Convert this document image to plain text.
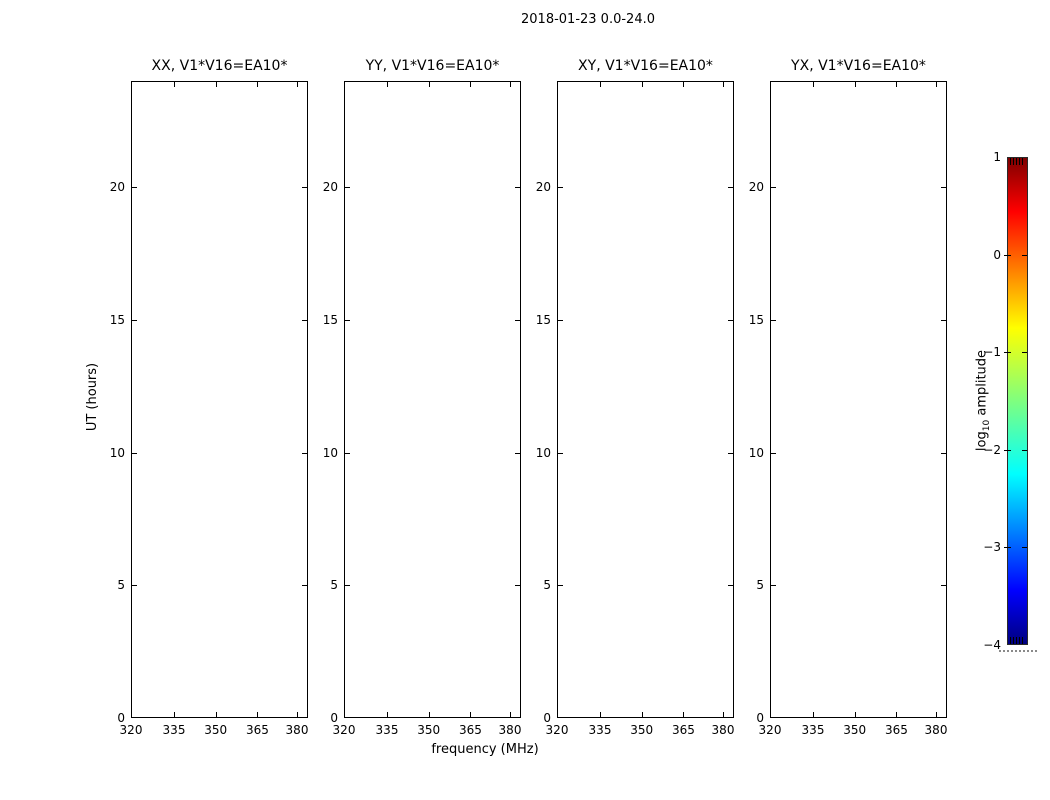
2018-01-23 0.0-24.0
XX, V1*V16=EA10*	YY, V1*V16=EA10*	XY, V1*V16=EA10*	YX, V1*V16=EA10*
UT (hours)
frequency (MHz)
$\log_{10}$ amplitude
320	335	350	365	380
0
5
10
15
20
320	335	350	365	380
0
5
10
15
20
320	335	350	365	380
0
5
10
15
20
320	335	350	365	380
0
5
10
15
20
1
0
−1
−2
−3
−4
